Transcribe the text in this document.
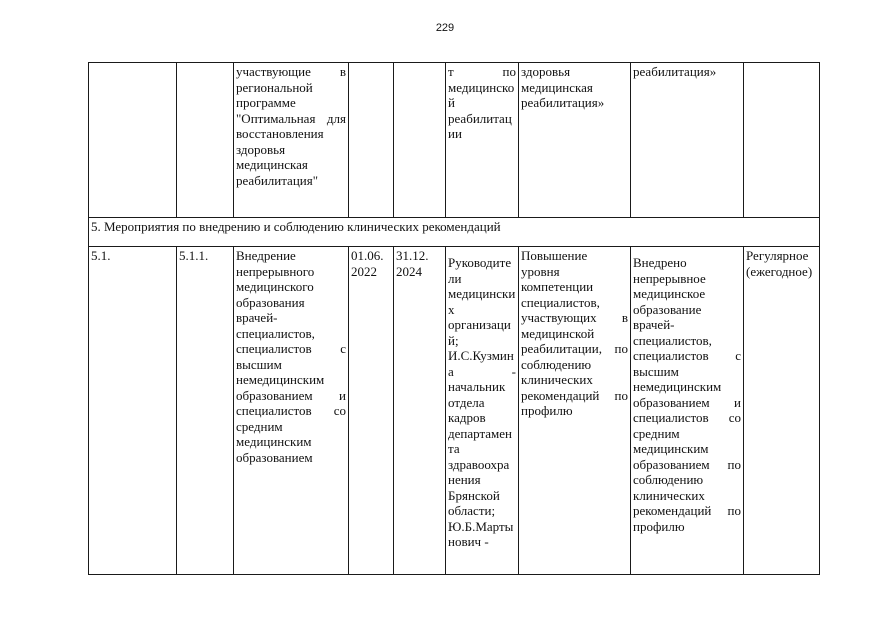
229
		участвующие в региональной программе "Оптимальная для восстановления здоровья медицинская реабилитация"			т по медицинской реабилитации	здоровья медицинская реабилитация»	реабилитация»	
5. Мероприятия по внедрению и соблюдению клинических рекомендаций								
5.1.	5.1.1.	Внедрение непрерывного медицинского образования врачей-специалистов, специалистов с высшим немедицинским образованием и специалистов со средним медицинским образованием	01.06. 2022	31.12. 2024	Руководители медицинских организаций; И.С.Кузмина - начальник отдела кадров департамента здравоохранения Брянской области; Ю.Б.Мартынович -	Повышение уровня компетенции специалистов, участвующих в медицинской реабилитации, по соблюдению клинических рекомендаций по профилю	Внедрено непрерывное медицинское образование врачей-специалистов, специалистов с высшим немедицинским образованием и специалистов со средним медицинским образованием по соблюдению клинических рекомендаций по профилю	Регулярное (ежегодное)
